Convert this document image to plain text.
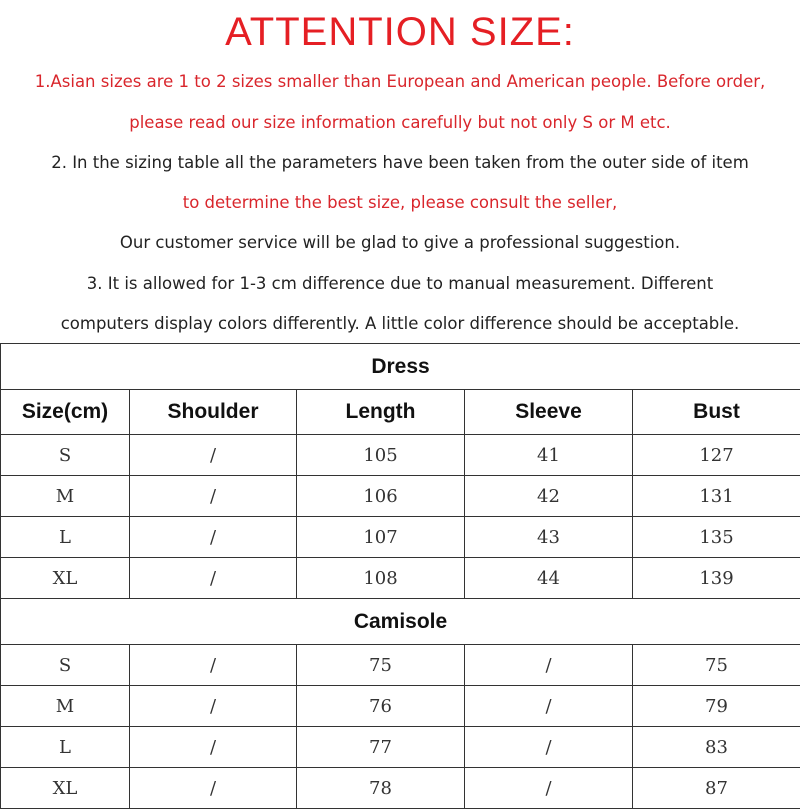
ATTENTION SIZE:
1.Asian sizes are 1 to 2 sizes smaller than European and American people. Before order,
please read our size information carefully but not only S or M etc.
2. In the sizing table all the parameters have been taken from the outer side of item
to determine the best size, please consult the seller,
Our customer service will be glad to give a professional suggestion.
3. It is allowed for 1-3 cm difference due to manual measurement. Different
computers display colors differently. A little color difference should be acceptable.
Dress				
Size(cm)	Shoulder	Length	Sleeve	Bust
S	/	105	41	127
M	/	106	42	131
L	/	107	43	135
XL	/	108	44	139
Camisole				
S	/	75	/	75
M	/	76	/	79
L	/	77	/	83
XL	/	78	/	87
